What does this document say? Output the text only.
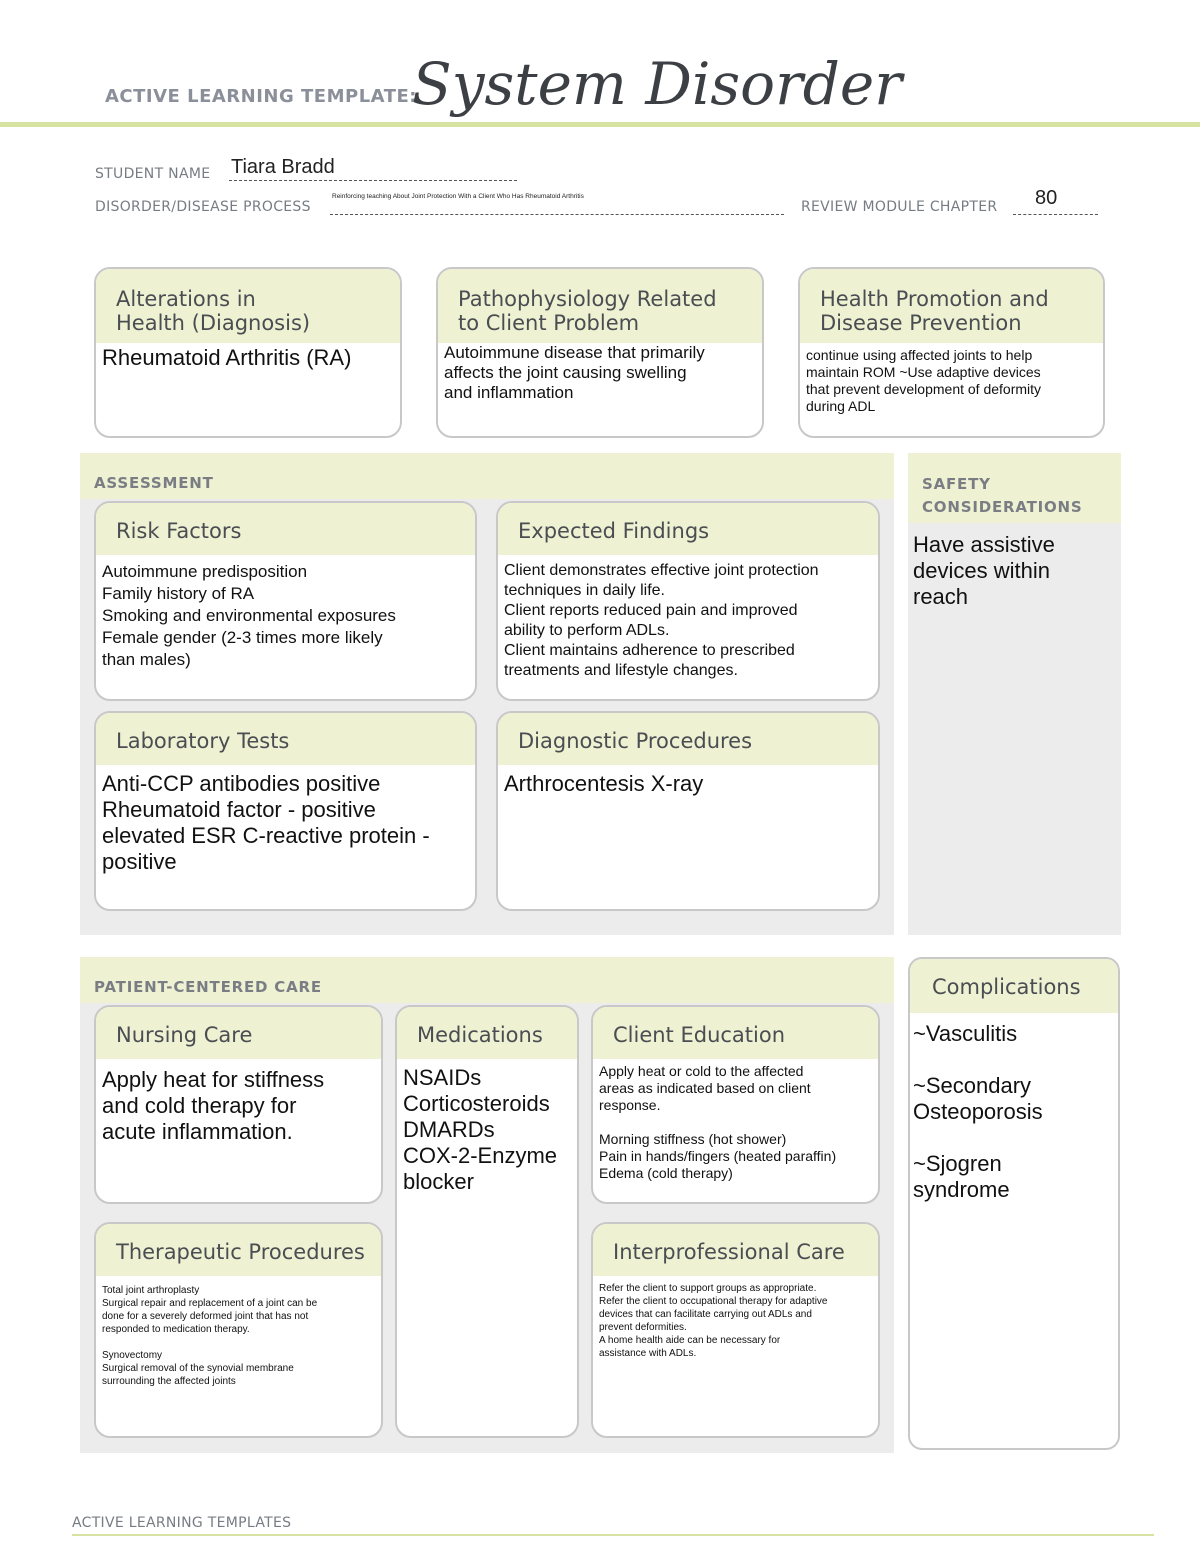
ACTIVE LEARNING TEMPLATE:
System Disorder
STUDENT NAME Tiara Bradd
DISORDER/DISEASE PROCESS
Reinforcing teaching About Joint Protection With a Client Who Has Rheumatoid Arthritis
REVIEW MODULE CHAPTER 80
Alterations in
Health (Diagnosis)
Rheumatoid Arthritis (RA)
Pathophysiology Related
to Client Problem
Autoimmune disease that primarily
affects the joint causing swelling
and inflammation
Health Promotion and
Disease Prevention
continue using affected joints to help
maintain ROM ~Use adaptive devices
that prevent development of deformity
during ADL
ASSESSMENT
Risk Factors
Autoimmune predisposition
Family history of RA
Smoking and environmental exposures
Female gender (2-3 times more likely
than males)
Expected Findings
Client demonstrates effective joint protection
techniques in daily life.
Client reports reduced pain and improved
ability to perform ADLs.
Client maintains adherence to prescribed
treatments and lifestyle changes.
Laboratory Tests
Anti-CCP antibodies positive
Rheumatoid factor - positive
elevated ESR C-reactive protein -
positive
Diagnostic Procedures
Arthrocentesis X-ray
SAFETY
CONSIDERATIONS
Have assistive
devices within
reach
PATIENT-CENTERED CARE
Nursing Care
Apply heat for stiffness
and cold therapy for
acute inflammation.
Medications
NSAIDs
Corticosteroids
DMARDs
COX-2-Enzyme
blocker
Client Education
Apply heat or cold to the affected
areas as indicated based on client
response.

Morning stiffness (hot shower)
Pain in hands/fingers (heated paraffin)
Edema (cold therapy)
Therapeutic Procedures
Total joint arthroplasty
Surgical repair and replacement of a joint can be
done for a severely deformed joint that has not
responded to medication therapy.

Synovectomy
Surgical removal of the synovial membrane
surrounding the affected joints
Interprofessional Care
Refer the client to support groups as appropriate.
Refer the client to occupational therapy for adaptive
devices that can facilitate carrying out ADLs and
prevent deformities.
A home health aide can be necessary for
assistance with ADLs.
Complications
~Vasculitis

~Secondary
Osteoporosis

~Sjogren
syndrome
ACTIVE LEARNING TEMPLATES
